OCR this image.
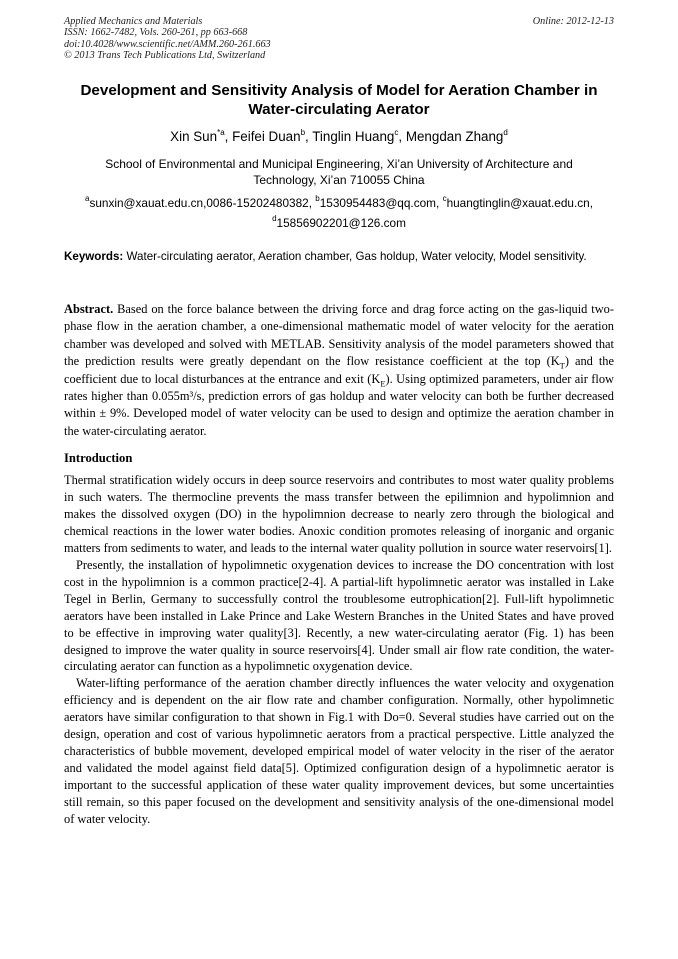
Applied Mechanics and Materials
ISSN: 1662-7482, Vols. 260-261, pp 663-668
doi:10.4028/www.scientific.net/AMM.260-261.663
© 2013 Trans Tech Publications Ltd, Switzerland
Online: 2012-12-13
Development and Sensitivity Analysis of Model for Aeration Chamber in Water-circulating Aerator
Xin Sun$^{*a}$, Feifei Duan$^b$, Tinglin Huang$^c$, Mengdan Zhang$^d$
School of Environmental and Municipal Engineering, Xi’an University of Architecture and Technology, Xi’an 710055 China
$^a$sunxin@xauat.edu.cn,0086-15202480382, $^b$1530954483@qq.com, $^c$huangtinglin@xauat.edu.cn,
$^d$15856902201@126.com
Keywords: Water-circulating aerator, Aeration chamber, Gas holdup, Water velocity, Model sensitivity.
Abstract. Based on the force balance between the driving force and drag force acting on the gas-liquid two-phase flow in the aeration chamber, a one-dimensional mathematic model of water velocity for the aeration chamber was developed and solved with METLAB. Sensitivity analysis of the model parameters showed that the prediction results were greatly dependant on the flow resistance coefficient at the top $(K_T)$ and the coefficient due to local disturbances at the entrance and exit $(K_E)$. Using optimized parameters, under air flow rates higher than 0.055m³/s, prediction errors of gas holdup and water velocity can both be further decreased within ± 9%. Developed model of water velocity can be used to design and optimize the aeration chamber in the water-circulating aerator.
Introduction

Thermal stratification widely occurs in deep source reservoirs and contributes to most water quality problems in such waters. The thermocline prevents the mass transfer between the epilimnion and hypolimnion and makes the dissolved oxygen (DO) in the hypolimnion decrease to nearly zero through the biological and chemical reactions in the lower water bodies. Anoxic condition promotes releasing of inorganic and organic matters from sediments to water, and leads to the internal water quality pollution in source water reservoirs[1].

Presently, the installation of hypolimnetic oxygenation devices to increase the DO concentration with lost cost in the hypolimnion is a common practice[2-4]. A partial-lift hypolimnetic aerator was installed in Lake Tegel in Berlin, Germany to successfully control the troublesome eutrophication[2]. Full-lift hypolimnetic aerators have been installed in Lake Prince and Lake Western Branches in the United States and have proved to be effective in improving water quality[3]. Recently, a new water-circulating aerator (Fig. 1) has been designed to improve the water quality in source reservoirs[4]. Under small air flow rate condition, the water-circulating aerator can function as a hypolimnetic oxygenation device.

Water-lifting performance of the aeration chamber directly influences the water velocity and oxygenation efficiency and is dependent on the air flow rate and chamber configuration. Normally, other hypolimnetic aerators have similar configuration to that shown in Fig.1 with Do=0. Several studies have carried out on the design, operation and cost of various hypolimnetic aerators from a practical perspective. Little analyzed the characteristics of bubble movement, developed empirical model of water velocity in the riser of the aerator and validated the model against field data[5]. Optimized configuration design of a hypolimnetic aerator is important to the successful application of these water quality improvement devices, but some uncertainties still remain, so this paper focused on the development and sensitivity analysis of the one-dimensional model of water velocity.
